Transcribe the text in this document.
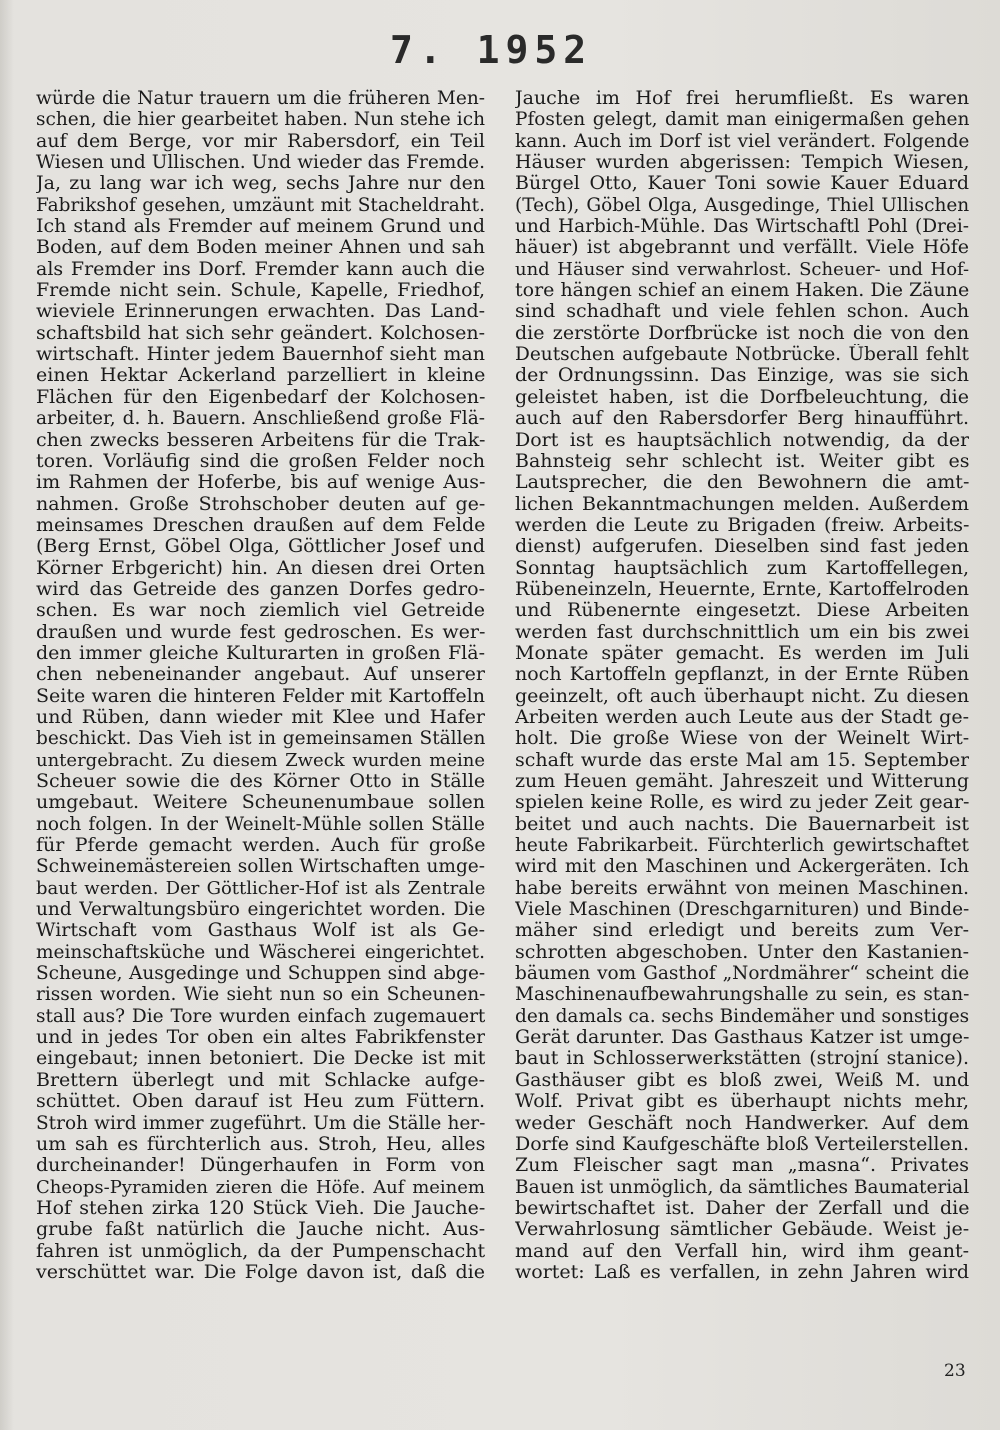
7. 1952
würde die Natur trauern um die früheren Men-
schen, die hier gearbeitet haben. Nun stehe ich
auf dem Berge, vor mir Rabersdorf, ein Teil
Wiesen und Ullischen. Und wieder das Fremde.
Ja, zu lang war ich weg, sechs Jahre nur den
Fabrikshof gesehen, umzäunt mit Stacheldraht.
Ich stand als Fremder auf meinem Grund und
Boden, auf dem Boden meiner Ahnen und sah
als Fremder ins Dorf. Fremder kann auch die
Fremde nicht sein. Schule, Kapelle, Friedhof,
wieviele Erinnerungen erwachten. Das Land-
schaftsbild hat sich sehr geändert. Kolchosen-
wirtschaft. Hinter jedem Bauernhof sieht man
einen Hektar Ackerland parzelliert in kleine
Flächen für den Eigenbedarf der Kolchosen-
arbeiter, d. h. Bauern. Anschließend große Flä-
chen zwecks besseren Arbeitens für die Trak-
toren. Vorläufig sind die großen Felder noch
im Rahmen der Hoferbe, bis auf wenige Aus-
nahmen. Große Strohschober deuten auf ge-
meinsames Dreschen draußen auf dem Felde
(Berg Ernst, Göbel Olga, Göttlicher Josef und
Körner Erbgericht) hin. An diesen drei Orten
wird das Getreide des ganzen Dorfes gedro-
schen. Es war noch ziemlich viel Getreide
draußen und wurde fest gedroschen. Es wer-
den immer gleiche Kulturarten in großen Flä-
chen nebeneinander angebaut. Auf unserer
Seite waren die hinteren Felder mit Kartoffeln
und Rüben, dann wieder mit Klee und Hafer
beschickt. Das Vieh ist in gemeinsamen Ställen
untergebracht. Zu diesem Zweck wurden meine
Scheuer sowie die des Körner Otto in Ställe
umgebaut. Weitere Scheunenumbaue sollen
noch folgen. In der Weinelt-Mühle sollen Ställe
für Pferde gemacht werden. Auch für große
Schweinemästereien sollen Wirtschaften umge-
baut werden. Der Göttlicher-Hof ist als Zentrale
und Verwaltungsbüro eingerichtet worden. Die
Wirtschaft vom Gasthaus Wolf ist als Ge-
meinschaftsküche und Wäscherei eingerichtet.
Scheune, Ausgedinge und Schuppen sind abge-
rissen worden. Wie sieht nun so ein Scheunen-
stall aus? Die Tore wurden einfach zugemauert
und in jedes Tor oben ein altes Fabrikfenster
eingebaut; innen betoniert. Die Decke ist mit
Brettern überlegt und mit Schlacke aufge-
schüttet. Oben darauf ist Heu zum Füttern.
Stroh wird immer zugeführt. Um die Ställe her-
um sah es fürchterlich aus. Stroh, Heu, alles
durcheinander! Düngerhaufen in Form von
Cheops-Pyramiden zieren die Höfe. Auf meinem
Hof stehen zirka 120 Stück Vieh. Die Jauche-
grube faßt natürlich die Jauche nicht. Aus-
fahren ist unmöglich, da der Pumpenschacht
verschüttet war. Die Folge davon ist, daß die
Jauche im Hof frei herumfließt. Es waren
Pfosten gelegt, damit man einigermaßen gehen
kann. Auch im Dorf ist viel verändert. Folgende
Häuser wurden abgerissen: Tempich Wiesen,
Bürgel Otto, Kauer Toni sowie Kauer Eduard
(Tech), Göbel Olga, Ausgedinge, Thiel Ullischen
und Harbich-Mühle. Das Wirtschaftl Pohl (Drei-
häuer) ist abgebrannt und verfällt. Viele Höfe
und Häuser sind verwahrlost. Scheuer- und Hof-
tore hängen schief an einem Haken. Die Zäune
sind schadhaft und viele fehlen schon. Auch
die zerstörte Dorfbrücke ist noch die von den
Deutschen aufgebaute Notbrücke. Überall fehlt
der Ordnungssinn. Das Einzige, was sie sich
geleistet haben, ist die Dorfbeleuchtung, die
auch auf den Rabersdorfer Berg hinaufführt.
Dort ist es hauptsächlich notwendig, da der
Bahnsteig sehr schlecht ist. Weiter gibt es
Lautsprecher, die den Bewohnern die amt-
lichen Bekanntmachungen melden. Außerdem
werden die Leute zu Brigaden (freiw. Arbeits-
dienst) aufgerufen. Dieselben sind fast jeden
Sonntag hauptsächlich zum Kartoffellegen,
Rübeneinzeln, Heuernte, Ernte, Kartoffelroden
und Rübenernte eingesetzt. Diese Arbeiten
werden fast durchschnittlich um ein bis zwei
Monate später gemacht. Es werden im Juli
noch Kartoffeln gepflanzt, in der Ernte Rüben
geeinzelt, oft auch überhaupt nicht. Zu diesen
Arbeiten werden auch Leute aus der Stadt ge-
holt. Die große Wiese von der Weinelt Wirt-
schaft wurde das erste Mal am 15. September
zum Heuen gemäht. Jahreszeit und Witterung
spielen keine Rolle, es wird zu jeder Zeit gear-
beitet und auch nachts. Die Bauernarbeit ist
heute Fabrikarbeit. Fürchterlich gewirtschaftet
wird mit den Maschinen und Ackergeräten. Ich
habe bereits erwähnt von meinen Maschinen.
Viele Maschinen (Dreschgarnituren) und Binde-
mäher sind erledigt und bereits zum Ver-
schrotten abgeschoben. Unter den Kastanien-
bäumen vom Gasthof „Nordmährer“ scheint die
Maschinenaufbewahrungshalle zu sein, es stan-
den damals ca. sechs Bindemäher und sonstiges
Gerät darunter. Das Gasthaus Katzer ist umge-
baut in Schlosserwerkstätten (strojní stanice).
Gasthäuser gibt es bloß zwei, Weiß M. und
Wolf. Privat gibt es überhaupt nichts mehr,
weder Geschäft noch Handwerker. Auf dem
Dorfe sind Kaufgeschäfte bloß Verteilerstellen.
Zum Fleischer sagt man „masna“. Privates
Bauen ist unmöglich, da sämtliches Baumaterial
bewirtschaftet ist. Daher der Zerfall und die
Verwahrlosung sämtlicher Gebäude. Weist je-
mand auf den Verfall hin, wird ihm geant-
wortet: Laß es verfallen, in zehn Jahren wird
23
